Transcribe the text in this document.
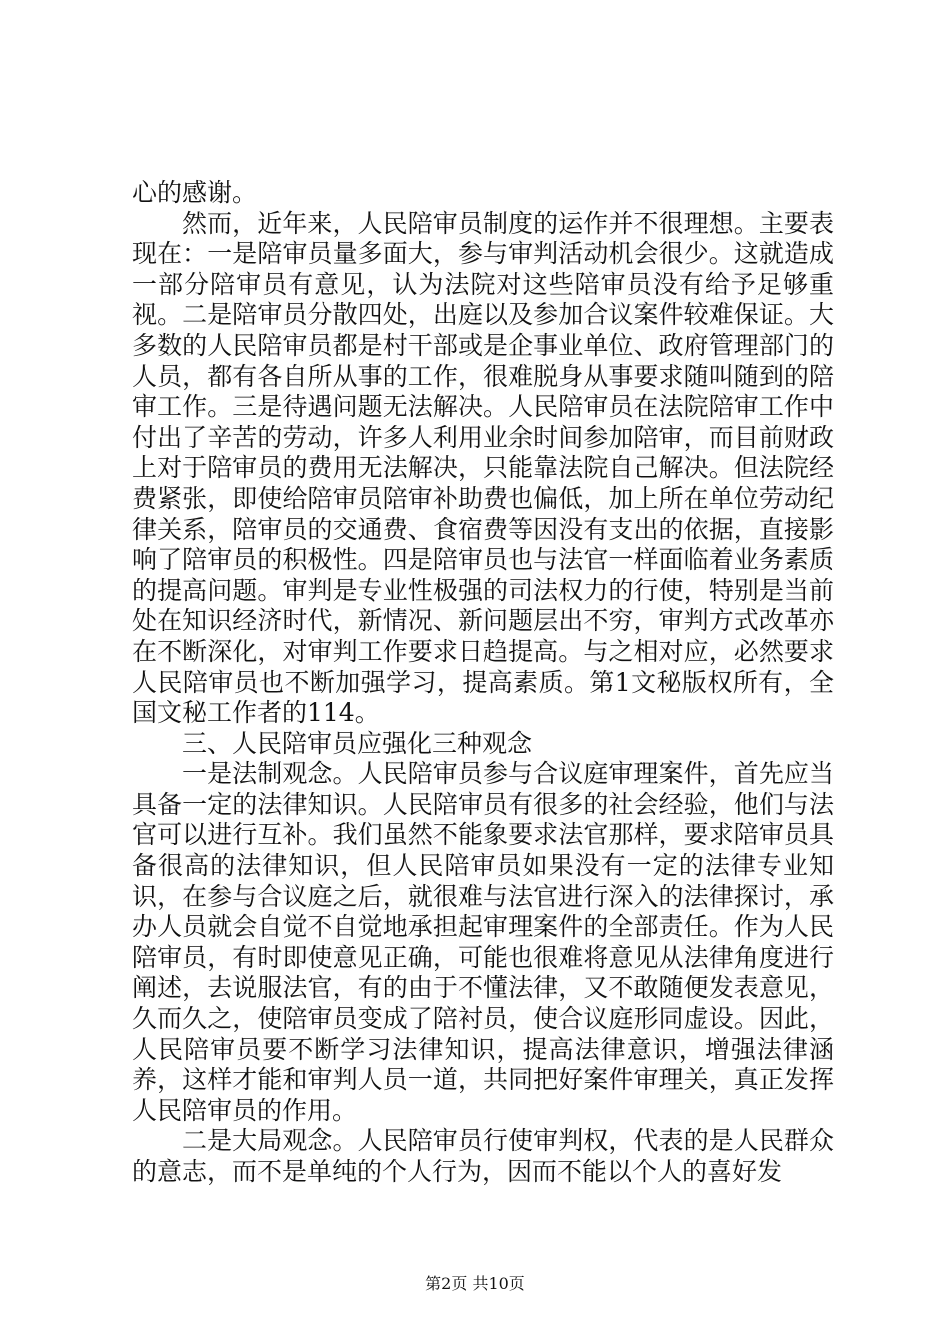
心的感谢。

然而，近年来，人民陪审员制度的运作并不很理想。主要表现在：一是陪审员量多面大，参与审判活动机会很少。这就造成一部分陪审员有意见，认为法院对这些陪审员没有给予足够重视。二是陪审员分散四处，出庭以及参加合议案件较难保证。大多数的人民陪审员都是村干部或是企事业单位、政府管理部门的人员，都有各自所从事的工作，很难脱身从事要求随叫随到的陪审工作。三是待遇问题无法解决。人民陪审员在法院陪审工作中付出了辛苦的劳动，许多人利用业余时间参加陪审，而目前财政上对于陪审员的费用无法解决，只能靠法院自己解决。但法院经费紧张，即使给陪审员陪审补助费也偏低，加上所在单位劳动纪律关系，陪审员的交通费、食宿费等因没有支出的依据，直接影响了陪审员的积极性。四是陪审员也与法官一样面临着业务素质的提高问题。审判是专业性极强的司法权力的行使，特别是当前处在知识经济时代，新情况、新问题层出不穷，审判方式改革亦在不断深化，对审判工作要求日趋提高。与之相对应，必然要求人民陪审员也不断加强学习，提高素质。第1文秘版权所有，全国文秘工作者的114。

三、人民陪审员应强化三种观念

一是法制观念。人民陪审员参与合议庭审理案件，首先应当具备一定的法律知识。人民陪审员有很多的社会经验，他们与法官可以进行互补。我们虽然不能象要求法官那样，要求陪审员具备很高的法律知识，但人民陪审员如果没有一定的法律专业知识，在参与合议庭之后，就很难与法官进行深入的法律探讨，承办人员就会自觉不自觉地承担起审理案件的全部责任。作为人民陪审员，有时即使意见正确，可能也很难将意见从法律角度进行阐述，去说服法官，有的由于不懂法律，又不敢随便发表意见，久而久之，使陪审员变成了陪衬员，使合议庭形同虚设。因此，人民陪审员要不断学习法律知识，提高法律意识，增强法律涵养，这样才能和审判人员一道，共同把好案件审理关，真正发挥人民陪审员的作用。

二是大局观念。人民陪审员行使审判权，代表的是人民群众的意志，而不是单纯的个人行为，因而不能以个人的喜好发

第2页 共10页
